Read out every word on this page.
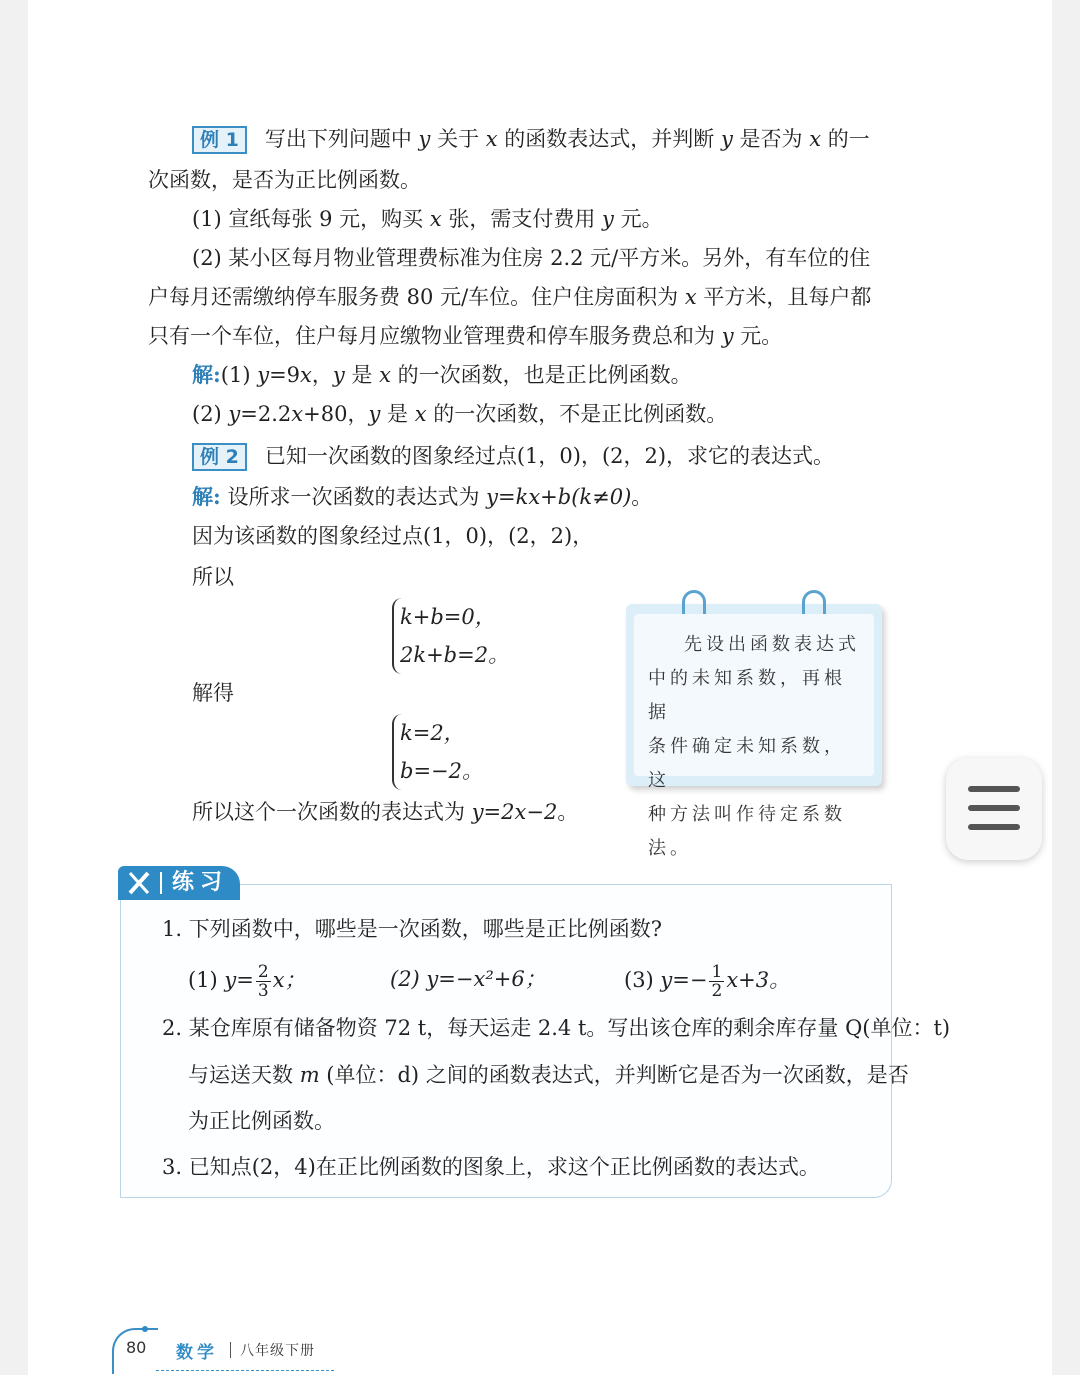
例 1 写出下列问题中 y 关于 x 的函数表达式，并判断 y 是否为 x 的一
次函数，是否为正比例函数。
(1) 宣纸每张 9 元，购买 x 张，需支付费用 y 元。
(2) 某小区每月物业管理费标准为住房 2.2 元/平方米。另外，有车位的住
户每月还需缴纳停车服务费 80 元/车位。住户住房面积为 x 平方米，且每户都
只有一个车位，住户每月应缴物业管理费和停车服务费总和为 y 元。
解:(1) y=9x，y 是 x 的一次函数，也是正比例函数。
(2) y=2.2x+80，y 是 x 的一次函数，不是正比例函数。
例 2 已知一次函数的图象经过点(1，0)，(2，2)，求它的表达式。
解: 设所求一次函数的表达式为 y=kx+b(k≠0)。
因为该函数的图象经过点(1，0)，(2，2)，
所以
k+b=0，
2k+b=2。
解得
k=2，
b=−2。
所以这个一次函数的表达式为 y=2x−2。
先设出函数表达式
中的未知系数，再根据
条件确定未知系数，这
种方法叫作待定系数法。
练习
1. 下列函数中，哪些是一次函数，哪些是正比例函数?
(1) $y= \frac{2}{3}$ x；	(2) y=−x²+6；	(3) $y=- \frac{1}{2} x+3$。
2. 某仓库原有储备物资 72 t，每天运走 2.4 t。写出该仓库的剩余库存量 Q(单位：t)
与运送天数 m (单位：d) 之间的函数表达式，并判断它是否为一次函数，是否
为正比例函数。
3. 已知点(2，4)在正比例函数的图象上，求这个正比例函数的表达式。
80 数学 八年级下册
